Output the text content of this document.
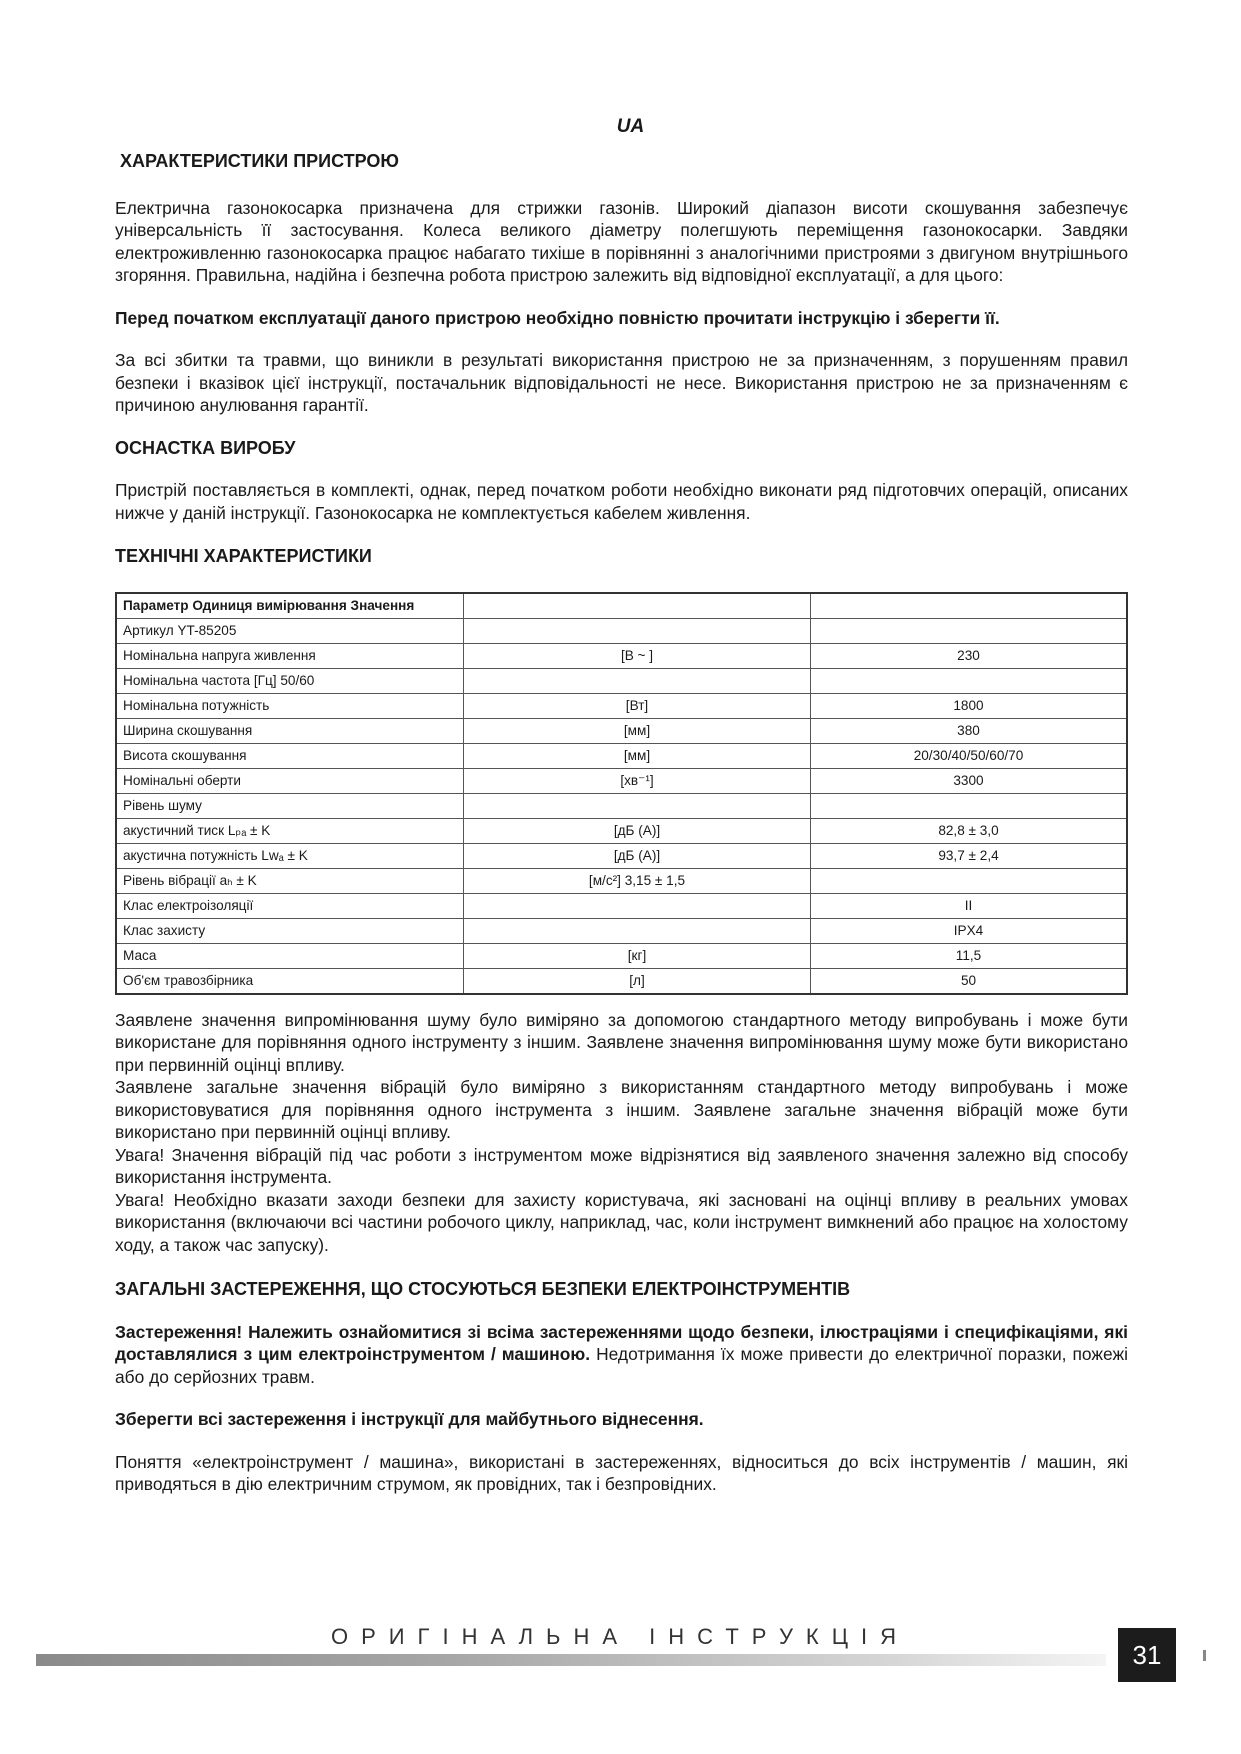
UA
ХАРАКТЕРИСТИКИ ПРИСТРОЮ

Електрична газонокосарка призначена для стрижки газонів. Широкий діапазон висоти скошування забезпечує універсальність її застосування. Колеса великого діаметру полегшують переміщення газонокосарки. Завдяки електроживленню газонокосарка працює набагато тихіше в порівнянні з аналогічними пристроями з двигуном внутрішнього згоряння. Правильна, надійна і безпечна робота пристрою залежить від відповідної експлуатації, а для цього:

Перед початком експлуатації даного пристрою необхідно повністю прочитати інструкцію і зберегти її.

За всі збитки та травми, що виникли в результаті використання пристрою не за призначенням, з порушенням правил безпеки і вказівок цієї інструкції, постачальник відповідальності не несе. Використання пристрою не за призначенням є причиною анулювання гарантії.

ОСНАСТКА ВИРОБУ

Пристрій поставляється в комплекті, однак, перед початком роботи необхідно виконати ряд підготовчих операцій, описаних нижче у даній інструкції. Газонокосарка не комплектується кабелем живлення.

ТЕХНІЧНІ ХАРАКТЕРИСТИКИ
Параметр Одиниця вимірювання Значення		
Артикул YT-85205		
Номінальна напруга живлення	[В ~ ]	230
Номінальна частота [Гц] 50/60		
Номінальна потужність	[Вт]	1800
Ширина скошування	[мм]	380
Висота скошування	[мм]	20/30/40/50/60/70
Номінальні оберти	[хв⁻¹]	3300
Рівень шуму		
акустичний тиск Lₚₐ ± K	[дБ (A)]	82,8 ± 3,0
акустична потужність Lwₐ ± K	[дБ (A)]	93,7 ± 2,4
Рівень вібрації aₕ ± K	[м/с²] 3,15 ± 1,5	
Клас електроізоляції		II
Клас захисту		IPX4
Маса	[кг]	11,5
Об'єм травозбірника	[л]	50

Заявлене значення випромінювання шуму було виміряно за допомогою стандартного методу випробувань і може бути використане для порівняння одного інструменту з іншим. Заявлене значення випромінювання шуму може бути використано при первинній оцінці впливу.

Заявлене загальне значення вібрацій було виміряно з використанням стандартного методу випробувань і може використовуватися для порівняння одного інструмента з іншим. Заявлене загальне значення вібрацій може бути використано при первинній оцінці впливу.

Увага! Значення вібрацій під час роботи з інструментом може відрізнятися від заявленого значення залежно від способу використання інструмента.

Увага! Необхідно вказати заходи безпеки для захисту користувача, які засновані на оцінці впливу в реальних умовах використання (включаючи всі частини робочого циклу, наприклад, час, коли інструмент вимкнений або працює на холостому ходу, а також час запуску).

ЗАГАЛЬНІ ЗАСТЕРЕЖЕННЯ, ЩО СТОСУЮТЬСЯ БЕЗПЕКИ ЕЛЕКТРОІНСТРУМЕНТІВ

Застереження! Належить ознайомитися зі всіма застереженнями щодо безпеки, ілюстраціями і специфікаціями, які доставлялися з цим електроінструментом / машиною. Недотримання їх може привести до електричної поразки, пожежі або до серйозних травм.

Зберегти всі застереження і інструкції для майбутнього віднесення.

Поняття «електроінструмент / машина», використані в застереженнях, відноситься до всіх інструментів / машин, які приводяться в дію електричним струмом, як провідних, так і безпровідних.

ОРИГІНАЛЬНА ІНСТРУКЦІЯ
31
